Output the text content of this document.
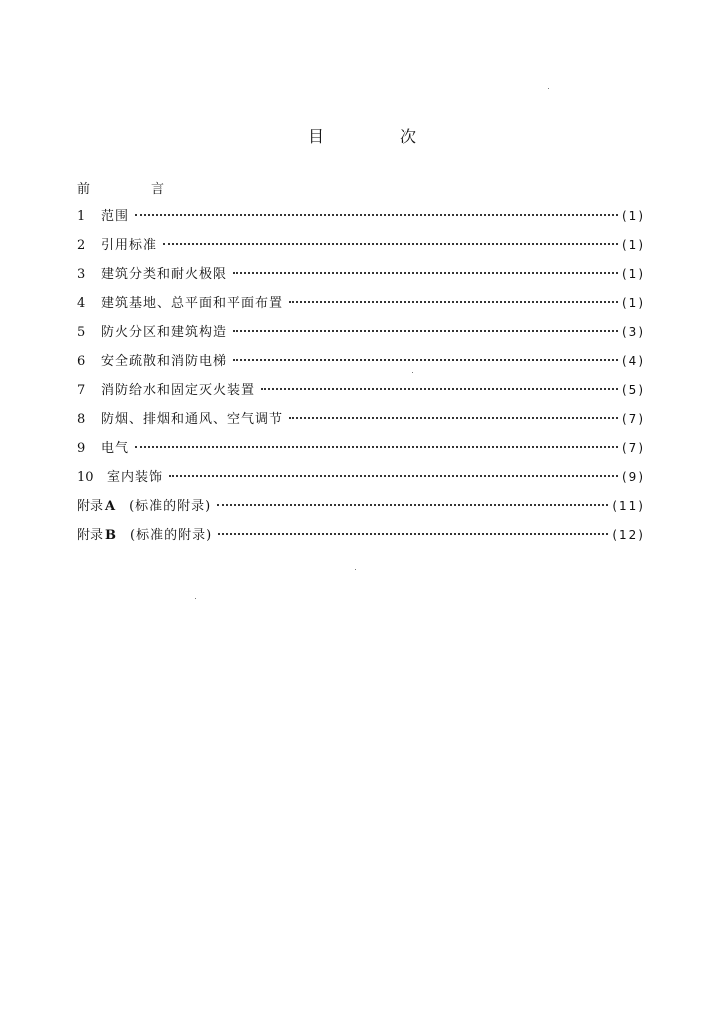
目　次
前　言
1	范围	(1)
2	引用标准	(1)
3	建筑分类和耐火极限	(1)
4	建筑基地、总平面和平面布置	(1)
5	防火分区和建筑构造	(3)
6	安全疏散和消防电梯	(4)
7	消防给水和固定灭火装置	(5)
8	防烟、排烟和通风、空气调节	(7)
9	电气	(7)
10	室内装饰	(9)
附录 A (标准的附录)	(11)
附录 B (标准的附录)	(12)
